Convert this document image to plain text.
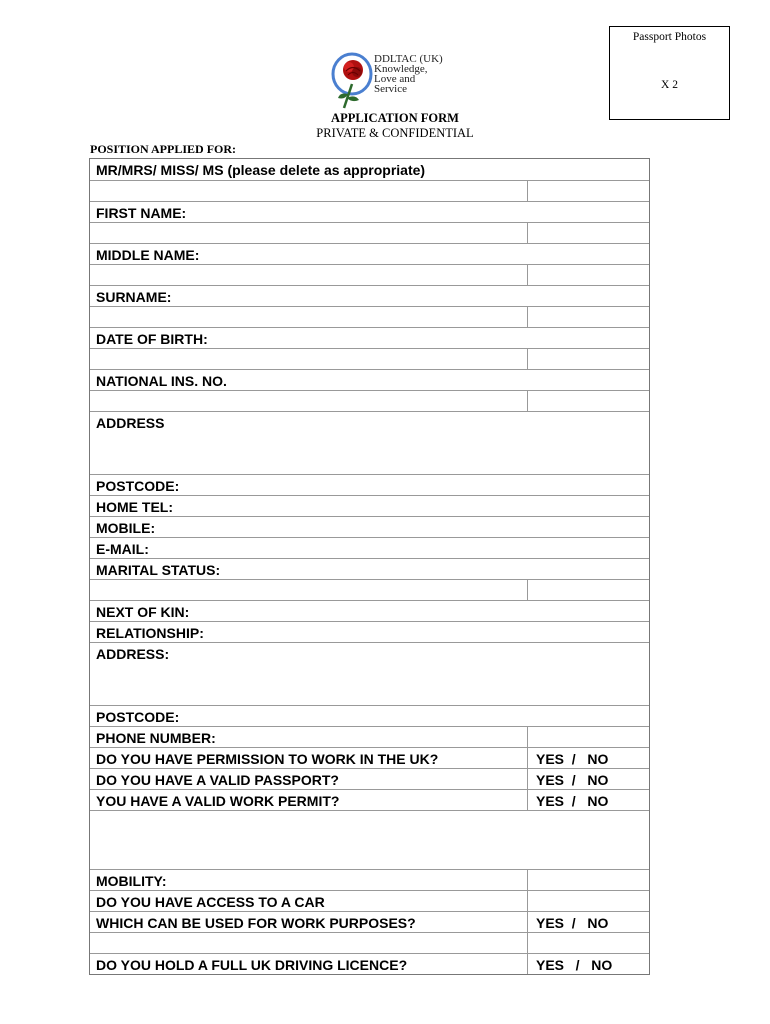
Passport Photos
X 2
DDLTAC (UK)
Knowledge,
Love and
Service
APPLICATION FORM
PRIVATE & CONFIDENTIAL
POSITION APPLIED FOR:
MR/MRS/ MISS/ MS (please delete as appropriate)
FIRST NAME:
MIDDLE NAME:
SURNAME:
DATE OF BIRTH:
NATIONAL INS. NO.
ADDRESS
POSTCODE:
HOME TEL:
MOBILE:
E-MAIL:
MARITAL STATUS:
NEXT OF KIN:
RELATIONSHIP:
ADDRESS:
POSTCODE:
PHONE NUMBER:
DO YOU HAVE PERMISSION TO WORK IN THE UK?	YES  /   NO
DO YOU HAVE A VALID PASSPORT?	YES  /   NO
YOU HAVE A VALID WORK PERMIT?	YES  /   NO
MOBILITY:
DO YOU HAVE ACCESS TO A CAR
WHICH CAN BE USED FOR WORK PURPOSES?	YES  /   NO
DO YOU HOLD A FULL UK DRIVING LICENCE?	YES   /   NO
